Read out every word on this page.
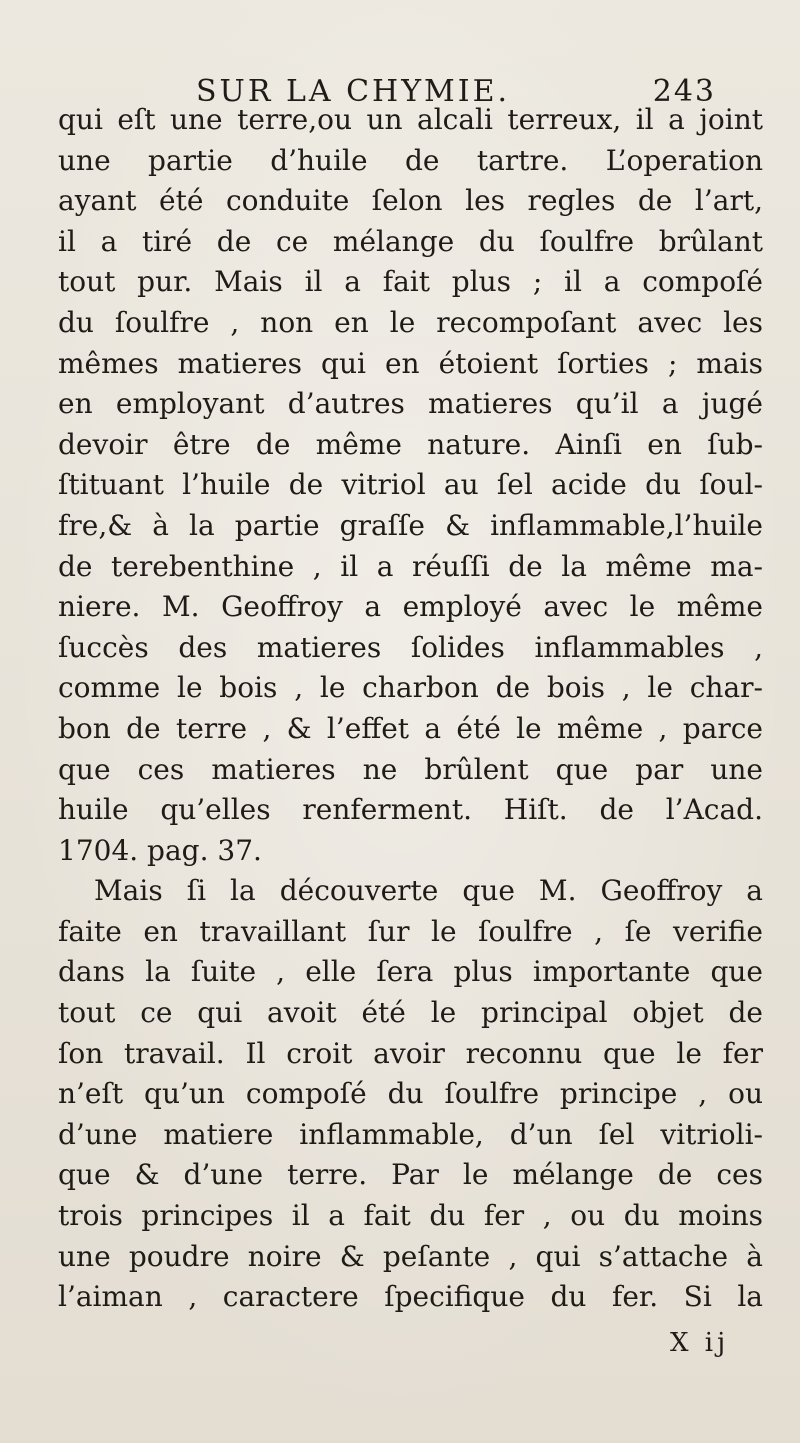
SUR LA CHYMIE.	243
qui eſt une terre,ou un alcali terreux, il a joint
une partie d’huile de tartre. L’operation
ayant été conduite ſelon les regles de l’art,
il a tiré de ce mélange du ſoulfre brûlant
tout pur. Mais il a fait plus ; il a compoſé
du ſoulfre , non en le recompoſant avec les
mêmes matieres qui en étoient ſorties ; mais
en employant d’autres matieres qu’il a jugé
devoir être de même nature. Ainſi en ſub-
ſtituant l’huile de vitriol au ſel acide du ſoul-
fre,& à la partie graſſe & inflammable,l’huile
de terebenthine , il a réuſſi de la même ma-
niere. M. Geoffroy a employé avec le même
ſuccès des matieres ſolides inflammables ,
comme le bois , le charbon de bois , le char-
bon de terre , & l’effet a été le même , parce
que ces matieres ne brûlent que par une
huile qu’elles renferment. Hiſt. de l’Acad.
1704. pag. 37.
Mais ſi la découverte que M. Geoffroy a
faite en travaillant ſur le ſoulfre , ſe verifie
dans la ſuite , elle ſera plus importante que
tout ce qui avoit été le principal objet de
ſon travail. Il croit avoir reconnu que le fer
n’eſt qu’un compoſé du ſoulfre principe , ou
d’une matiere inflammable, d’un ſel vitrioli-
que & d’une terre. Par le mélange de ces
trois principes il a fait du fer , ou du moins
une poudre noire & peſante , qui s’attache à
l’aiman , caractere ſpecifique du fer. Si la
X ij
